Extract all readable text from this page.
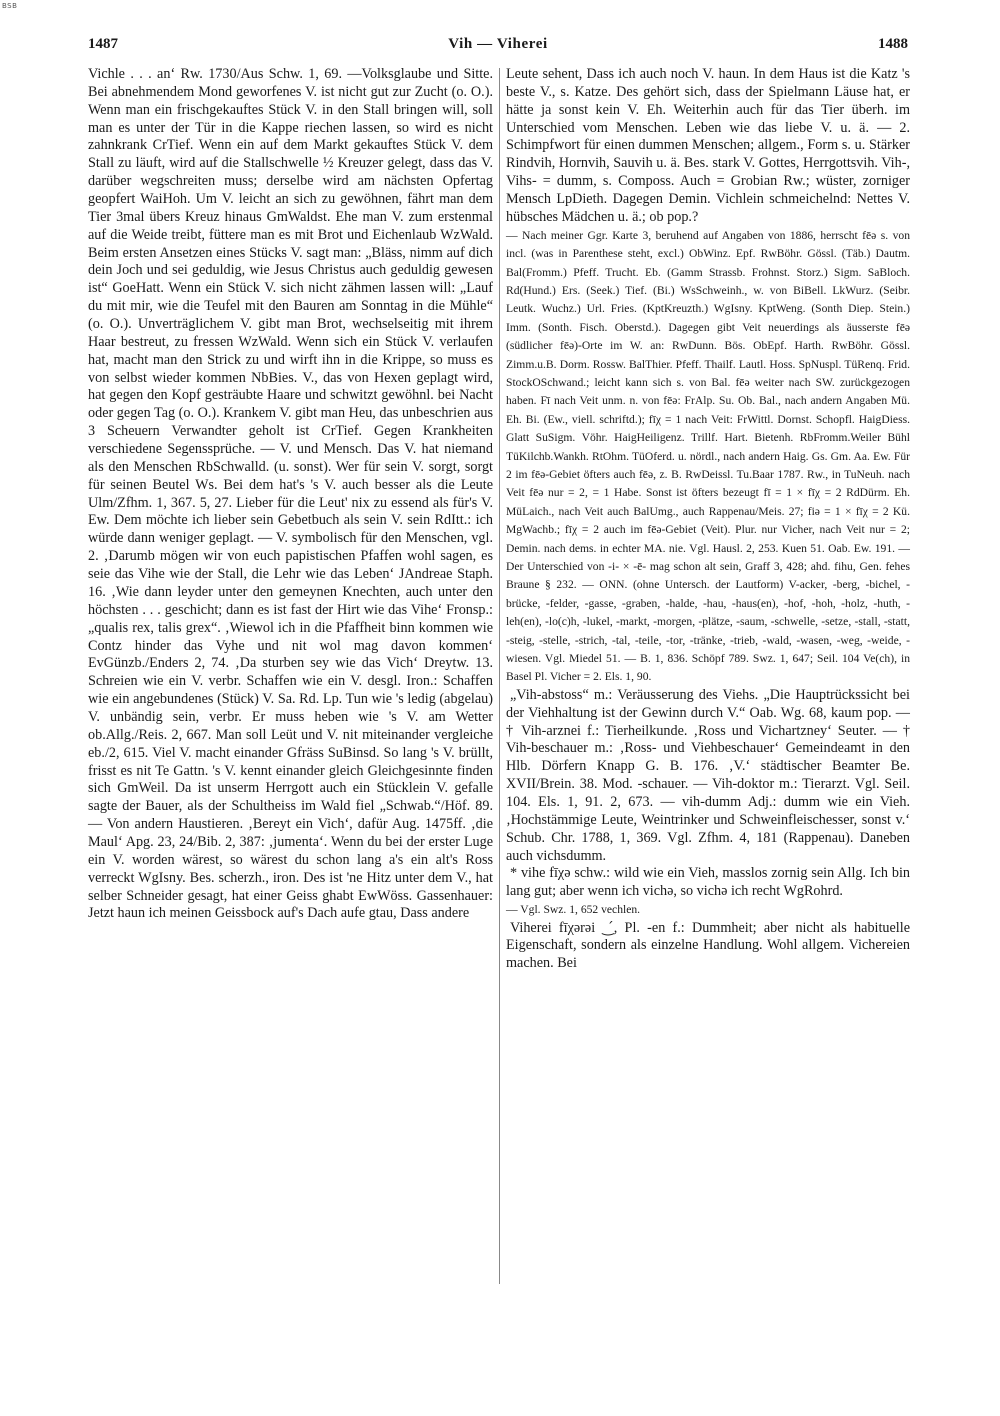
BSB
1487	Vih — Viherei	1488

Vichle . . . an‘ Rw. 1730/Aus Schw. 1, 69. —Volksglaube und Sitte. Bei abnehmendem Mond geworfenes V. ist nicht gut zur Zucht (o. O.). Wenn man ein frischgekauftes Stück V. in den Stall bringen will, soll man es unter der Tür in die Kappe riechen lassen, so wird es nicht zahnkrank CrTief. Wenn ein auf dem Markt gekauftes Stück V. dem Stall zu läuft, wird auf die Stallschwelle ½ Kreuzer gelegt, dass das V. darüber wegschreiten muss; derselbe wird am nächsten Opfertag geopfert WaiHoh. Um V. leicht an sich zu gewöhnen, fährt man dem Tier 3mal übers Kreuz hinaus GmWaldst. Ehe man V. zum erstenmal auf die Weide treibt, füttere man es mit Brot und Eichenlaub WzWald. Beim ersten Ansetzen eines Stücks V. sagt man: „Bläss, nimm auf dich dein Joch und sei geduldig, wie Jesus Christus auch geduldig gewesen ist“ GoeHatt. Wenn ein Stück V. sich nicht zähmen lassen will: „Lauf du mit mir, wie die Teufel mit den Bauren am Sonntag in die Mühle“ (o. O.). Unverträglichem V. gibt man Brot, wechselseitig mit ihrem Haar bestreut, zu fressen WzWald. Wenn sich ein Stück V. verlaufen hat, macht man den Strick zu und wirft ihn in die Krippe, so muss es von selbst wieder kommen NbBies. V., das von Hexen geplagt wird, hat gegen den Kopf gesträubte Haare und schwitzt gewöhnl. bei Nacht oder gegen Tag (o. O.). Krankem V. gibt man Heu, das unbeschrien aus 3 Scheuern Verwandter geholt ist CrTief. Gegen Krankheiten verschiedene Segenssprüche. — V. und Mensch. Das V. hat niemand als den Menschen RbSchwalld. (u. sonst). Wer für sein V. sorgt, sorgt für seinen Beutel Ws. Bei dem hat's 's V. auch besser als die Leute Ulm/Zfhm. 1, 367. 5, 27. Lieber für die Leut' nix zu essend als für's V. Ew. Dem möchte ich lieber sein Gebetbuch als sein V. sein RdItt.: ich würde dann weniger geplagt. — V. symbolisch für den Menschen, vgl. 2. ‚Darumb mögen wir von euch papistischen Pfaffen wohl sagen, es seie das Vihe wie der Stall, die Lehr wie das Leben‘ JAndreae Staph. 16. ‚Wie dann leyder unter den gemeynen Knechten, auch unter den höchsten . . . geschicht; dann es ist fast der Hirt wie das Vihe‘ Fronsp.: „qualis rex, talis grex“. ‚Wiewol ich in die Pfaffheit binn kommen wie Contz hinder das Vyhe und nit wol mag davon kommen‘ EvGünzb./Enders 2, 74. ‚Da sturben sey wie das Vich‘ Dreytw. 13. Schreien wie ein V. verbr. Schaffen wie ein V. desgl. Iron.: Schaffen wie ein angebundenes (Stück) V. Sa. Rd. Lp. Tun wie 's ledig (abgelau) V. unbändig sein, verbr. Er muss heben wie 's V. am Wetter ob.Allg./Reis. 2, 667. Man soll Leüt und V. nit miteinander vergleiche eb./2, 615. Viel V. macht einander Gfräss SuBinsd. So lang 's V. brüllt, frisst es nit Te Gattn. 's V. kennt einander gleich Gleichgesinnte finden sich GmWeil. Da ist unserm Herrgott auch ein Stücklein V. gefalle sagte der Bauer, als der Schultheiss im Wald fiel „Schwab.“/Höf. 89. — Von andern Haustieren. ‚Bereyt ein Vich‘, dafür Aug. 1475ff. ‚die Maul‘ Apg. 23, 24/Bib. 2, 387: ‚jumenta‘. Wenn du bei der erster Luge ein V. worden wärest, so wärest du schon lang a's ein alt's Ross verreckt WgIsny. Bes. scherzh., iron. Des ist 'ne Hitz unter dem V., hat selber Schneider gesagt, hat einer Geiss ghabt EwWöss. Gassenhauer: Jetzt haun ich meinen Geissbock auf's Dach aufe gtau, Dass andere

Leute sehent, Dass ich auch noch V. haun. In dem Haus ist die Katz 's beste V., s. Katze. Des gehört sich, dass der Spielmann Läuse hat, er hätte ja sonst kein V. Eh. Weiterhin auch für das Tier überh. im Unterschied vom Menschen. Leben wie das liebe V. u. ä. — 2. Schimpfwort für einen dummen Menschen; allgem., Form s. u. Stärker Rindvih, Hornvih, Sauvih u. ä. Bes. stark V. Gottes, Herrgottsvih. Vih-, Vihs- = dumm, s. Composs. Auch = Grobian Rw.; wüster, zorniger Mensch LpDieth. Dagegen Demin. Vichlein schmeichelnd: Nettes V. hübsches Mädchen u. ä.; ob pop.?

— Nach meiner Ggr. Karte 3, beruhend auf Angaben von 1886, herrscht fēə s. von incl. (was in Parenthese steht, excl.) ObWinz. Epf. RwBöhr. Gössl. (Täb.) Dautm. Bal(Fromm.) Pfeff. Trucht. Eb. (Gamm Strassb. Frohnst. Storz.) Sigm. SaBloch. Rd(Hund.) Ers. (Seek.) Tief. (Bi.) WsSchweinh., w. von BiBell. LkWurz. (Seibr. Leutk. Wuchz.) Url. Fries. (KptKreuzth.) WgIsny. KptWeng. (Sonth Diep. Stein.) Imm. (Sonth. Fisch. Oberstd.). Dagegen gibt Veit neuerdings als äusserste fēə (südlicher fēə)-Orte im W. an: RwDunn. Bös. ObEpf. Harth. RwBöhr. Gössl. Zimm.u.B. Dorm. Rossw. BalThier. Pfeff. Thailf. Lautl. Hoss. SpNuspl. TüRenq. Frid. StockOSchwand.; leicht kann sich s. von Bal. fēə weiter nach SW. zurückgezogen haben. Fī nach Veit unm. n. von fēə: FrAlp. Su. Ob. Bal., nach andern Angaben Mü. Eh. Bi. (Ew., viell. schriftd.); fīχ = 1 nach Veit: FrWittl. Dornst. Schopfl. HaigDiess. Glatt SuSigm. Vöhr. HaigHeiligenz. Trillf. Hart. Bietenh. RbFromm.Weiler Bühl TüKilchb.Wankh. RtOhm. TüOferd. u. nördl., nach andern Haig. Gs. Gm. Aa. Ew. Für 2 im fēə-Gebiet öfters auch fēə, z. B. RwDeissl. Tu.Baar 1787. Rw., in TuNeuh. nach Veit fēə nur = 2, = 1 Habe. Sonst ist öfters bezeugt fī = 1 × fīχ = 2 RdDürm. Eh. MüLaich., nach Veit auch BalUmg., auch Rappenau/Meis. 27; fiə = 1 × fīχ = 2 Kü. MgWachb.; fīχ = 2 auch im fēə-Gebiet (Veit). Plur. nur Vicher, nach Veit nur = 2; Demin. nach dems. in echter MA. nie. Vgl. Hausl. 2, 253. Kuen 51. Oab. Ew. 191. — Der Unterschied von -i- × -ē- mag schon alt sein, Graff 3, 428; ahd. fihu, Gen. fehes Braune § 232. — ONN. (ohne Untersch. der Lautform) V-acker, -berg, -bichel, -brücke, -felder, -gasse, -graben, -halde, -hau, -haus(en), -hof, -hoh, -holz, -huth, -leh(en), -lo(c)h, -lukel, -markt, -morgen, -plätze, -saum, -schwelle, -setze, -stall, -statt, -steig, -stelle, -strich, -tal, -teile, -tor, -tränke, -trieb, -wald, -wasen, -weg, -weide, -wiesen. Vgl. Miedel 51. — B. 1, 836. Schöpf 789. Swz. 1, 647; Seil. 104 Ve(ch), in Basel Pl. Vicher = 2. Els. 1, 90.

„Vih-abstoss“ m.: Veräusserung des Viehs. „Die Hauptrückssicht bei der Viehhaltung ist der Gewinn durch V.“ Oab. Wg. 68, kaum pop. — † Vih-arznei f.: Tierheilkunde. ‚Ross und Vichartzney‘ Seuter. — † Vih-beschauer m.: ‚Ross- und Viehbeschauer‘ Gemeindeamt in den Hlb. Dörfern Knapp G. B. 176. ‚V.‘ städtischer Beamter Be. XVII/Brein. 38. Mod. -schauer. — Vih-doktor m.: Tierarzt. Vgl. Seil. 104. Els. 1, 91. 2, 673. — vih-dumm Adj.: dumm wie ein Vieh. ‚Hochstämmige Leute, Weintrinker und Schweinfleischesser, sonst v.‘ Schub. Chr. 1788, 1, 369. Vgl. Zfhm. 4, 181 (Rappenau). Daneben auch vichsdumm.

* vihe fīχə schw.: wild wie ein Vieh, masslos zornig sein Allg. Ich bin lang gut; aber wenn ich vichə, so vichə ich recht WgRohrd.

— Vgl. Swz. 1, 652 vechlen.

Viherei fīχərəi ‿́, Pl. -en f.: Dummheit; aber nicht als habituelle Eigenschaft, sondern als einzelne Handlung. Wohl allgem. Vichereien machen. Bei
